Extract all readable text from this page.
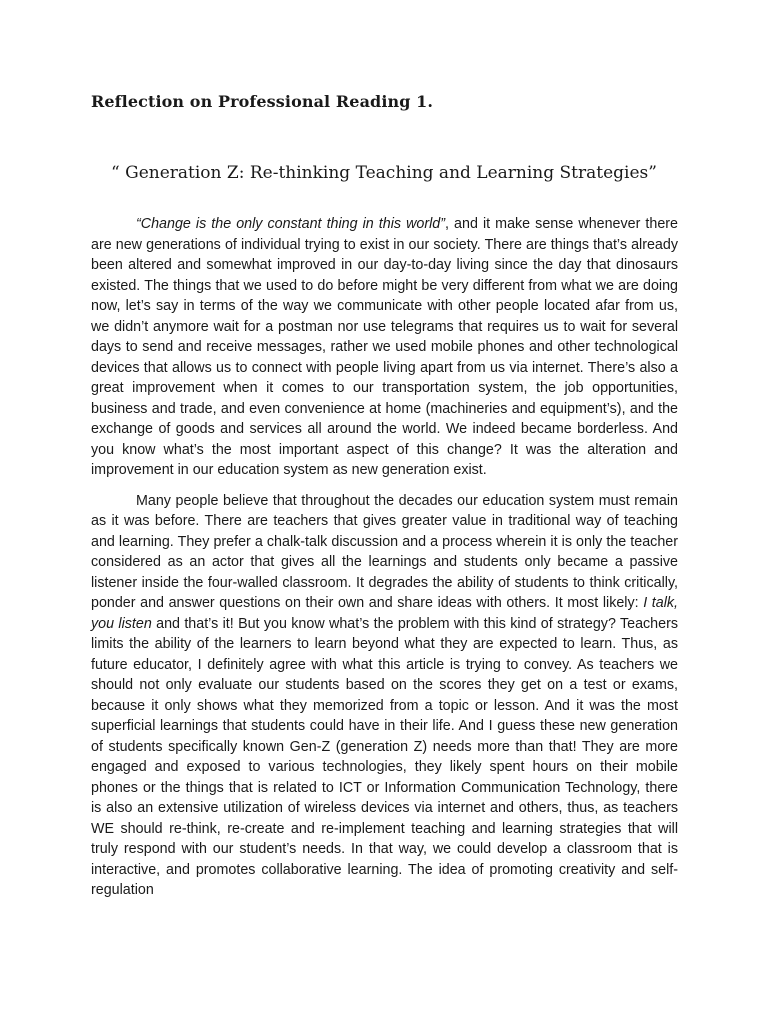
Reflection on Professional Reading 1.
“ Generation Z: Re-thinking Teaching and Learning Strategies”

“Change is the only constant thing in this world”, and it make sense whenever there are new generations of individual trying to exist in our society. There are things that’s already been altered and somewhat improved in our day-to-day living since the day that dinosaurs existed. The things that we used to do before might be very different from what we are doing now, let’s say in terms of the way we communicate with other people located afar from us, we didn’t anymore wait for a postman nor use telegrams that requires us to wait for several days to send and receive messages, rather we used mobile phones and other technological devices that allows us to connect with people living apart from us via internet. There’s also a great improvement when it comes to our transportation system, the job opportunities, business and trade, and even convenience at home (machineries and equipment’s), and the exchange of goods and services all around the world. We indeed became borderless. And you know what’s the most important aspect of this change? It was the alteration and improvement in our education system as new generation exist.

Many people believe that throughout the decades our education system must remain as it was before. There are teachers that gives greater value in traditional way of teaching and learning. They prefer a chalk-talk discussion and a process wherein it is only the teacher considered as an actor that gives all the learnings and students only became a passive listener inside the four-walled classroom. It degrades the ability of students to think critically, ponder and answer questions on their own and share ideas with others. It most likely: I talk, you listen and that’s it! But you know what’s the problem with this kind of strategy? Teachers limits the ability of the learners to learn beyond what they are expected to learn. Thus, as future educator, I definitely agree with what this article is trying to convey. As teachers we should not only evaluate our students based on the scores they get on a test or exams, because it only shows what they memorized from a topic or lesson. And it was the most superficial learnings that students could have in their life. And I guess these new generation of students specifically known Gen-Z (generation Z) needs more than that! They are more engaged and exposed to various technologies, they likely spent hours on their mobile phones or the things that is related to ICT or Information Communication Technology, there is also an extensive utilization of wireless devices via internet and others, thus, as teachers WE should re-think, re-create and re-implement teaching and learning strategies that will truly respond with our student’s needs. In that way, we could develop a classroom that is interactive, and promotes collaborative learning. The idea of promoting creativity and self-regulation
